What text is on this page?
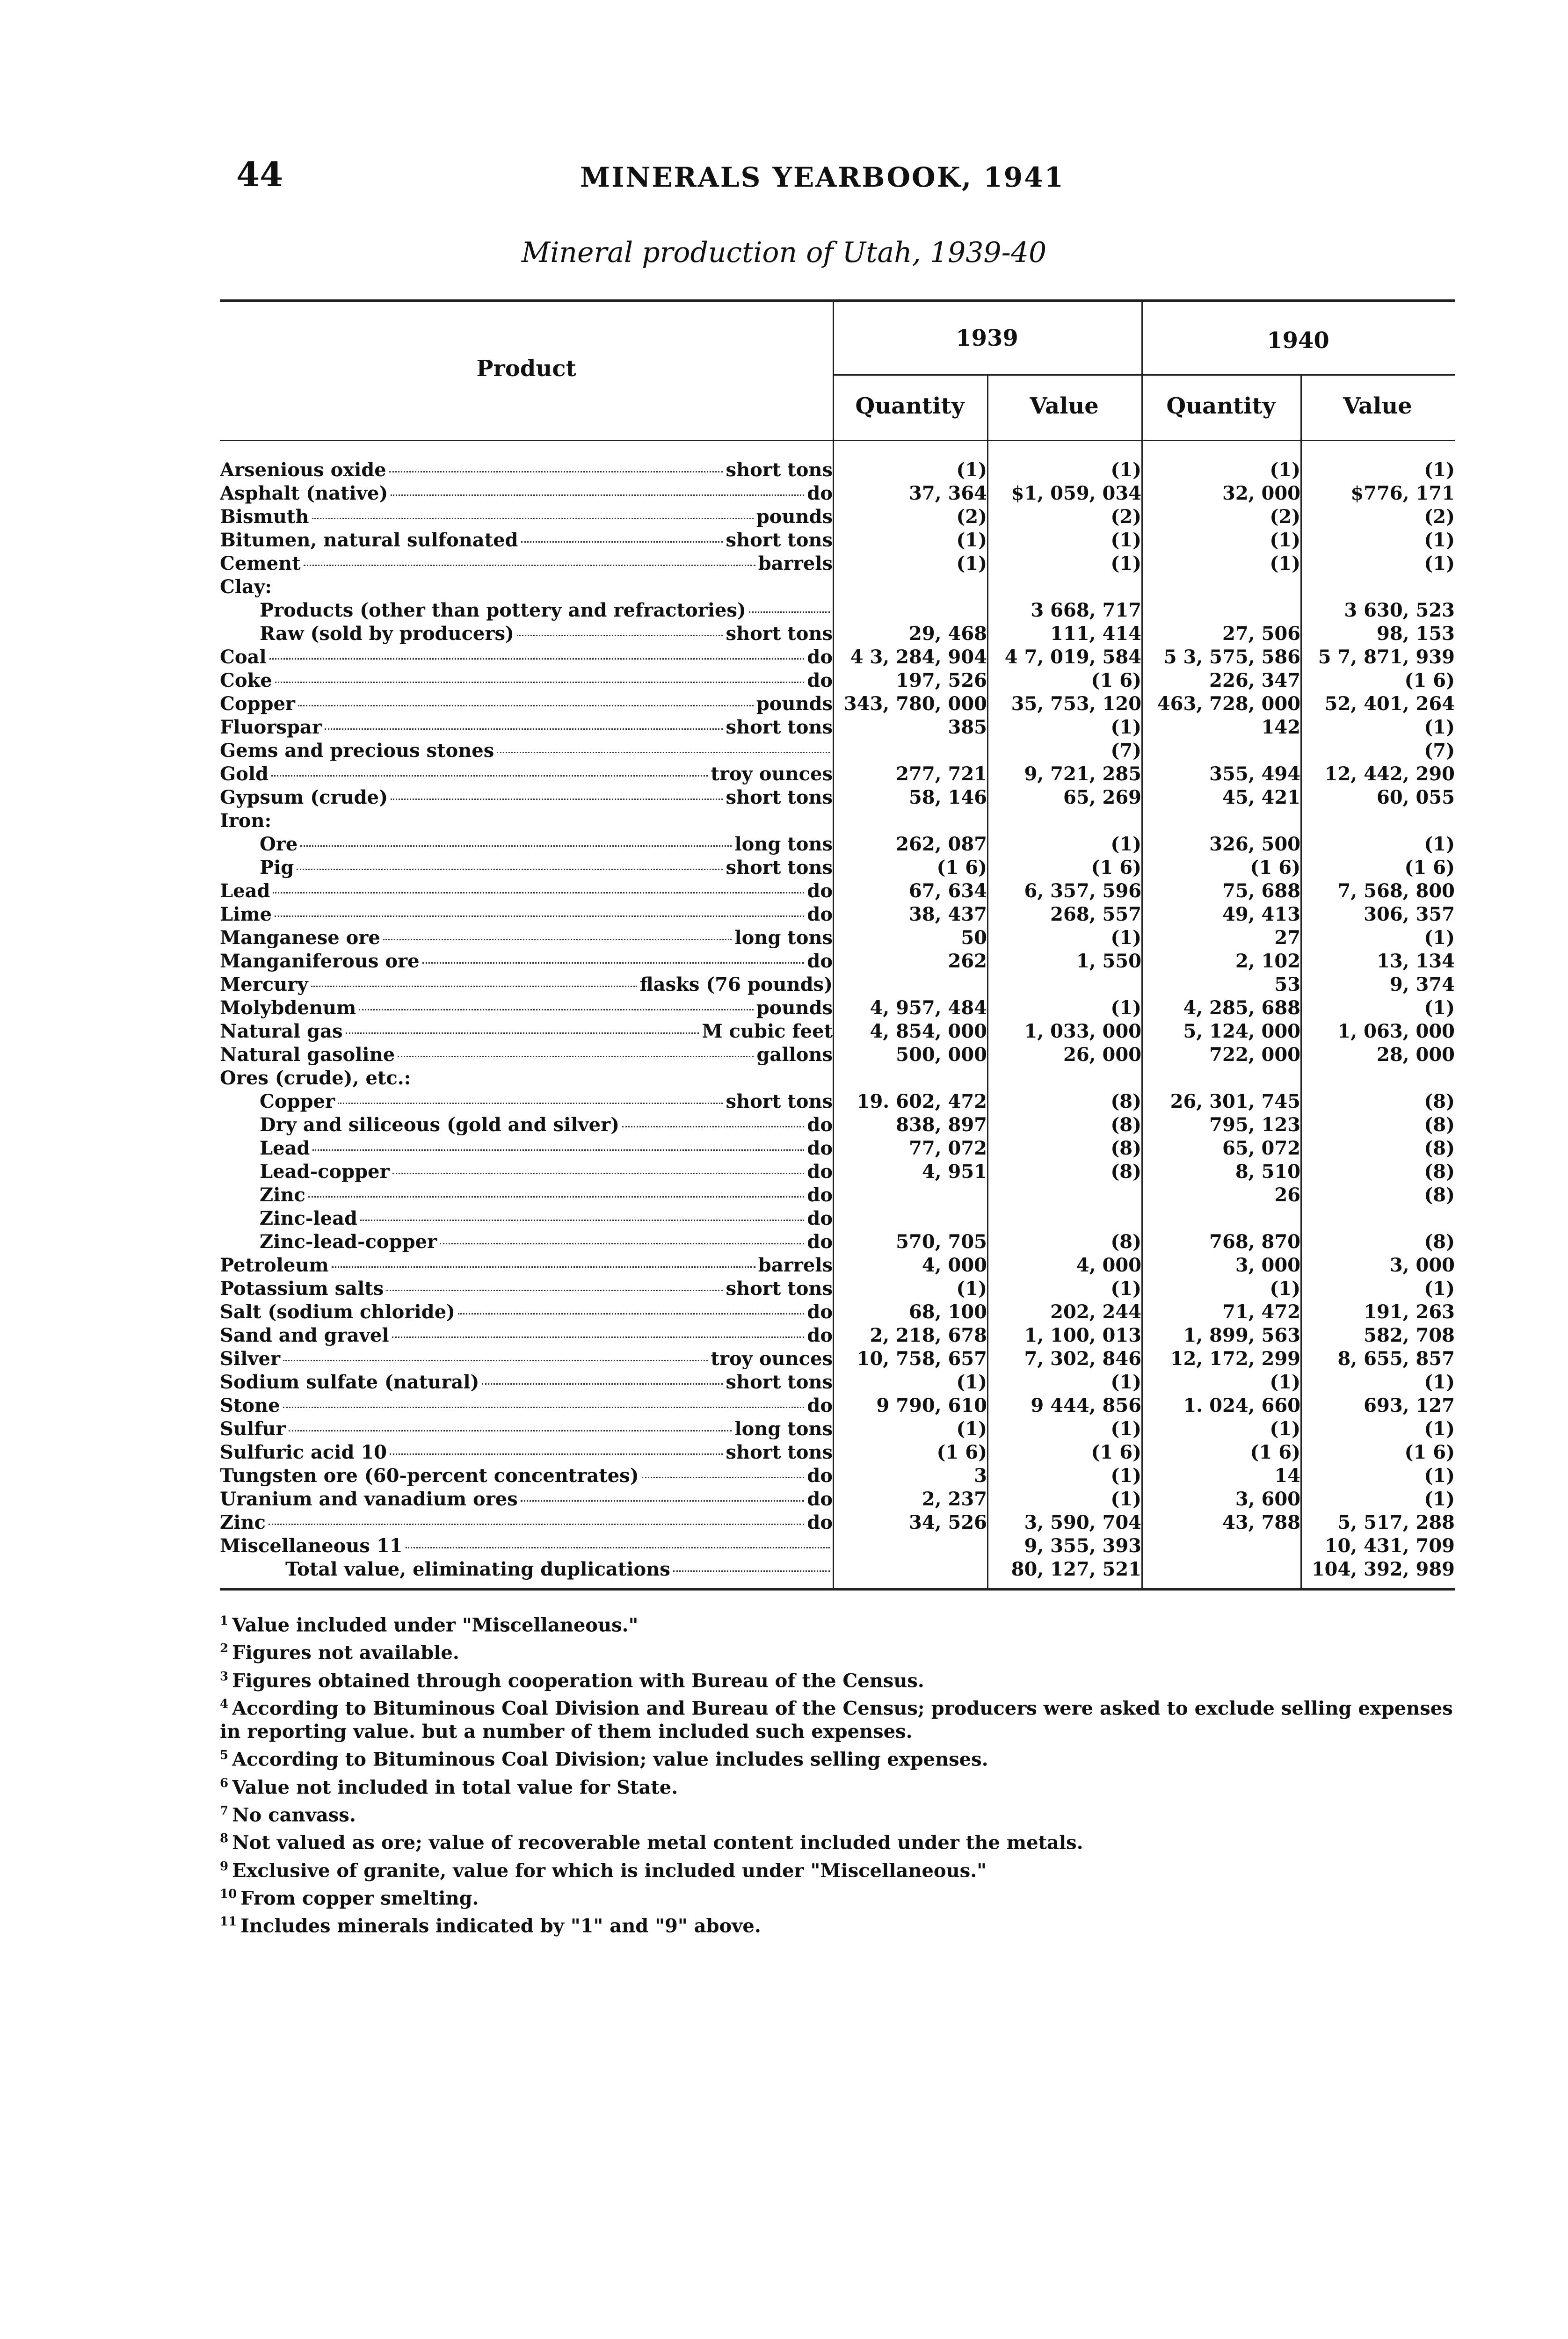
44	MINERALS YEARBOOK, 1941
Mineral production of Utah, 1939-40
Product
1939	1940
Quantity	Value	Quantity	Value
Arsenious oxide short tons	(1)	(1)	(1)	(1)

Asphalt (native) do	37, 364	$1, 059, 034	32, 000	$776, 171

Bismuth pounds	(2)	(2)	(2)	(2)

Bitumen, natural sulfonated short tons	(1)	(1)	(1)	(1)

Cement barrels	(1)	(1)	(1)	(1)

Clay:				

Products (other than pottery and refractories)		3 668, 717		3 630, 523

Raw (sold by producers) short tons	29, 468	111, 414	27, 506	98, 153

Coal do	4 3, 284, 904	4 7, 019, 584	5 3, 575, 586	5 7, 871, 939

Coke do	197, 526	(1 6)	226, 347	(1 6)

Copper pounds	343, 780, 000	35, 753, 120	463, 728, 000	52, 401, 264

Fluorspar short tons	385	(1)	142	(1)

Gems and precious stones		(7)		(7)

Gold troy ounces	277, 721	9, 721, 285	355, 494	12, 442, 290

Gypsum (crude) short tons	58, 146	65, 269	45, 421	60, 055

Iron:				

Ore long tons	262, 087	(1)	326, 500	(1)

Pig short tons	(1 6)	(1 6)	(1 6)	(1 6)

Lead do	67, 634	6, 357, 596	75, 688	7, 568, 800

Lime do	38, 437	268, 557	49, 413	306, 357

Manganese ore long tons	50	(1)	27	(1)

Manganiferous ore do	262	1, 550	2, 102	13, 134

Mercury flasks (76 pounds)			53	9, 374

Molybdenum pounds	4, 957, 484	(1)	4, 285, 688	(1)

Natural gas M cubic feet	4, 854, 000	1, 033, 000	5, 124, 000	1, 063, 000

Natural gasoline gallons	500, 000	26, 000	722, 000	28, 000

Ores (crude), etc.:				

Copper short tons	19. 602, 472	(8)	26, 301, 745	(8)

Dry and siliceous (gold and silver) do	838, 897	(8)	795, 123	(8)

Lead do	77, 072	(8)	65, 072	(8)

Lead-copper do	4, 951	(8)	8, 510	(8)

Zinc do			26	(8)

Zinc-lead do				

Zinc-lead-copper do	570, 705	(8)	768, 870	(8)

Petroleum barrels	4, 000	4, 000	3, 000	3, 000

Potassium salts short tons	(1)	(1)	(1)	(1)

Salt (sodium chloride) do	68, 100	202, 244	71, 472	191, 263

Sand and gravel do	2, 218, 678	1, 100, 013	1, 899, 563	582, 708

Silver troy ounces	10, 758, 657	7, 302, 846	12, 172, 299	8, 655, 857

Sodium sulfate (natural) short tons	(1)	(1)	(1)	(1)

Stone do	9 790, 610	9 444, 856	1. 024, 660	693, 127

Sulfur long tons	(1)	(1)	(1)	(1)

Sulfuric acid 10 short tons	(1 6)	(1 6)	(1 6)	(1 6)

Tungsten ore (60-percent concentrates) do	3	(1)	14	(1)

Uranium and vanadium ores do	2, 237	(1)	3, 600	(1)

Zinc do	34, 526	3, 590, 704	43, 788	5, 517, 288

Miscellaneous 11		9, 355, 393		10, 431, 709

Total value, eliminating duplications		80, 127, 521		104, 392, 989

$^1$ Value included under "Miscellaneous."

$^2$ Figures not available.

$^3$ Figures obtained through cooperation with Bureau of the Census.

$^4$ According to Bituminous Coal Division and Bureau of the Census; producers were asked to exclude selling expenses in reporting value. but a number of them included such expenses.

$^5$ According to Bituminous Coal Division; value includes selling expenses.

$^6$ Value not included in total value for State.

$^7$ No canvass.

$^8$ Not valued as ore; value of recoverable metal content included under the metals.

$^9$ Exclusive of granite, value for which is included under "Miscellaneous."

$^{10}$ From copper smelting.

$^{11}$ Includes minerals indicated by "1" and "9" above.
